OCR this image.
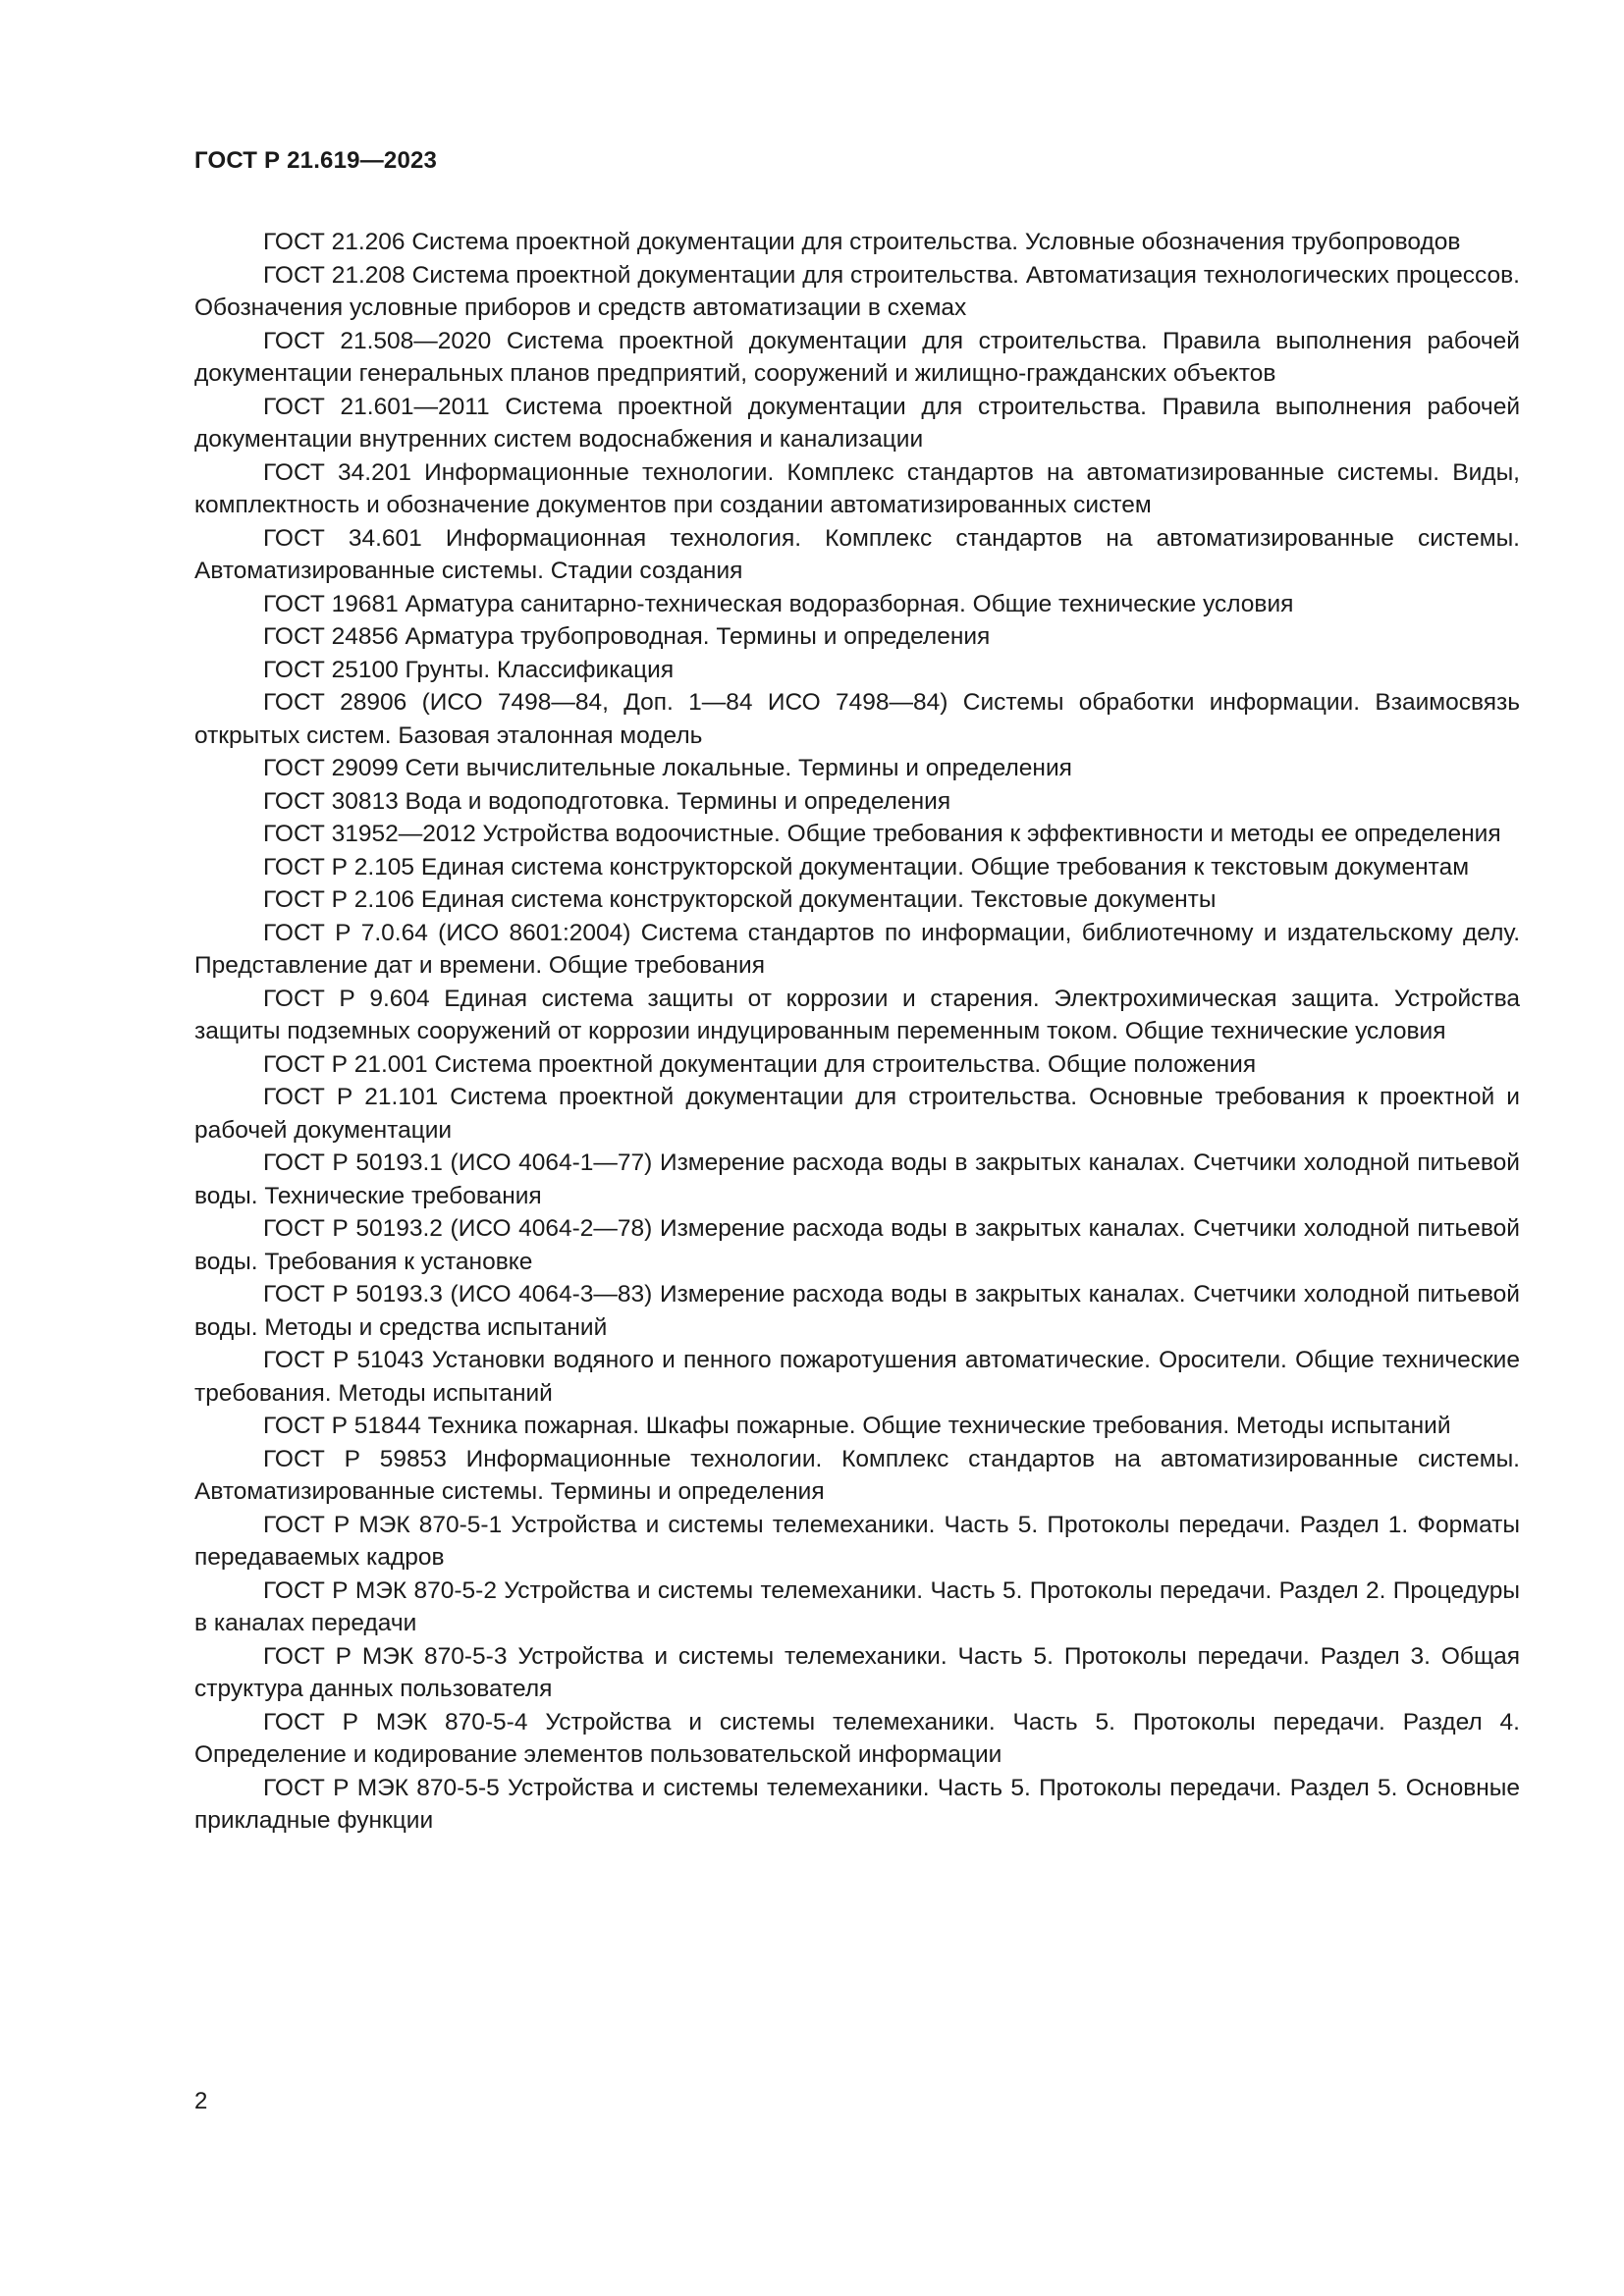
ГОСТ Р 21.619—2023

ГОСТ 21.206 Система проектной документации для строительства. Условные обозначения трубопроводов

ГОСТ 21.208 Система проектной документации для строительства. Автоматизация технологических процессов. Обозначения условные приборов и средств автоматизации в схемах

ГОСТ 21.508—2020 Система проектной документации для строительства. Правила выполнения рабочей документации генеральных планов предприятий, сооружений и жилищно-гражданских объектов

ГОСТ 21.601—2011 Система проектной документации для строительства. Правила выполнения рабочей документации внутренних систем водоснабжения и канализации

ГОСТ 34.201 Информационные технологии. Комплекс стандартов на автоматизированные системы. Виды, комплектность и обозначение документов при создании автоматизированных систем

ГОСТ 34.601 Информационная технология. Комплекс стандартов на автоматизированные системы. Автоматизированные системы. Стадии создания

ГОСТ 19681 Арматура санитарно-техническая водоразборная. Общие технические условия

ГОСТ 24856 Арматура трубопроводная. Термины и определения

ГОСТ 25100 Грунты. Классификация

ГОСТ 28906 (ИСО 7498—84, Доп. 1—84 ИСО 7498—84) Системы обработки информации. Взаимосвязь открытых систем. Базовая эталонная модель

ГОСТ 29099 Сети вычислительные локальные. Термины и определения

ГОСТ 30813 Вода и водоподготовка. Термины и определения

ГОСТ 31952—2012 Устройства водоочистные. Общие требования к эффективности и методы ее определения

ГОСТ Р 2.105 Единая система конструкторской документации. Общие требования к текстовым документам

ГОСТ Р 2.106 Единая система конструкторской документации. Текстовые документы

ГОСТ Р 7.0.64 (ИСО 8601:2004) Система стандартов по информации, библиотечному и издательскому делу. Представление дат и времени. Общие требования

ГОСТ Р 9.604 Единая система защиты от коррозии и старения. Электрохимическая защита. Устройства защиты подземных сооружений от коррозии индуцированным переменным током. Общие технические условия

ГОСТ Р 21.001 Система проектной документации для строительства. Общие положения

ГОСТ Р 21.101 Система проектной документации для строительства. Основные требования к проектной и рабочей документации

ГОСТ Р 50193.1 (ИСО 4064-1—77) Измерение расхода воды в закрытых каналах. Счетчики холодной питьевой воды. Технические требования

ГОСТ Р 50193.2 (ИСО 4064-2—78) Измерение расхода воды в закрытых каналах. Счетчики холодной питьевой воды. Требования к установке

ГОСТ Р 50193.3 (ИСО 4064-3—83) Измерение расхода воды в закрытых каналах. Счетчики холодной питьевой воды. Методы и средства испытаний

ГОСТ Р 51043 Установки водяного и пенного пожаротушения автоматические. Оросители. Общие технические требования. Методы испытаний

ГОСТ Р 51844 Техника пожарная. Шкафы пожарные. Общие технические требования. Методы испытаний

ГОСТ Р 59853 Информационные технологии. Комплекс стандартов на автоматизированные системы. Автоматизированные системы. Термины и определения

ГОСТ Р МЭК 870-5-1 Устройства и системы телемеханики. Часть 5. Протоколы передачи. Раздел 1. Форматы передаваемых кадров

ГОСТ Р МЭК 870-5-2 Устройства и системы телемеханики. Часть 5. Протоколы передачи. Раздел 2. Процедуры в каналах передачи

ГОСТ Р МЭК 870-5-3 Устройства и системы телемеханики. Часть 5. Протоколы передачи. Раздел 3. Общая структура данных пользователя

ГОСТ Р МЭК 870-5-4 Устройства и системы телемеханики. Часть 5. Протоколы передачи. Раздел 4. Определение и кодирование элементов пользовательской информации

ГОСТ Р МЭК 870-5-5 Устройства и системы телемеханики. Часть 5. Протоколы передачи. Раздел 5. Основные прикладные функции

2
